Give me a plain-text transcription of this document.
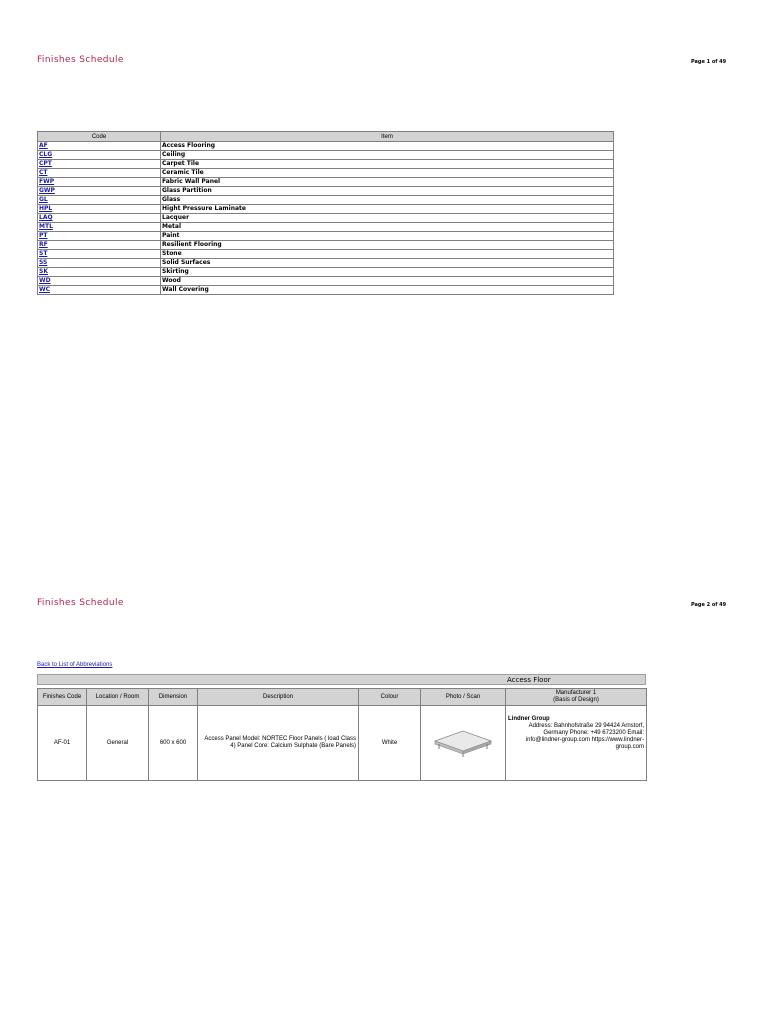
Finishes Schedule	Page 1 of 49
Code	Item
AF	Access Flooring
CLG	Ceiling
CPT	Carpet Tile
CT	Ceramic Tile
FWP	Fabric Wall Panel
GWP	Glass Partition
GL	Glass
HPL	Hight Pressure Laminate
LAQ	Lacquer
MTL	Metal
PT	Paint
RF	Resilient Flooring
ST	Stone
SS	Solid Surfaces
SK	Skirting
WD	Wood
WC	Wall Covering
Finishes Schedule	Page 2 of 49
Back to List of Abbreviations
Access Floor
Finishes Code	Location / Room	Dimension	Description	Colour	Photo / Scan	Manufacturer 1
(Basis of Design)

AF-01	General	600 x 600	Access Panel Model: NORTEC Floor Panels ( load Class 4) Panel Core: Calcium Sulphate (Bare Panels)	White		Lindner Group
Address: Bahnhofstraße 29 94424 Arnstorf, Germany Phone: +49 6723200 Email: info@lindner-group.com https://www.lindner-group.com
